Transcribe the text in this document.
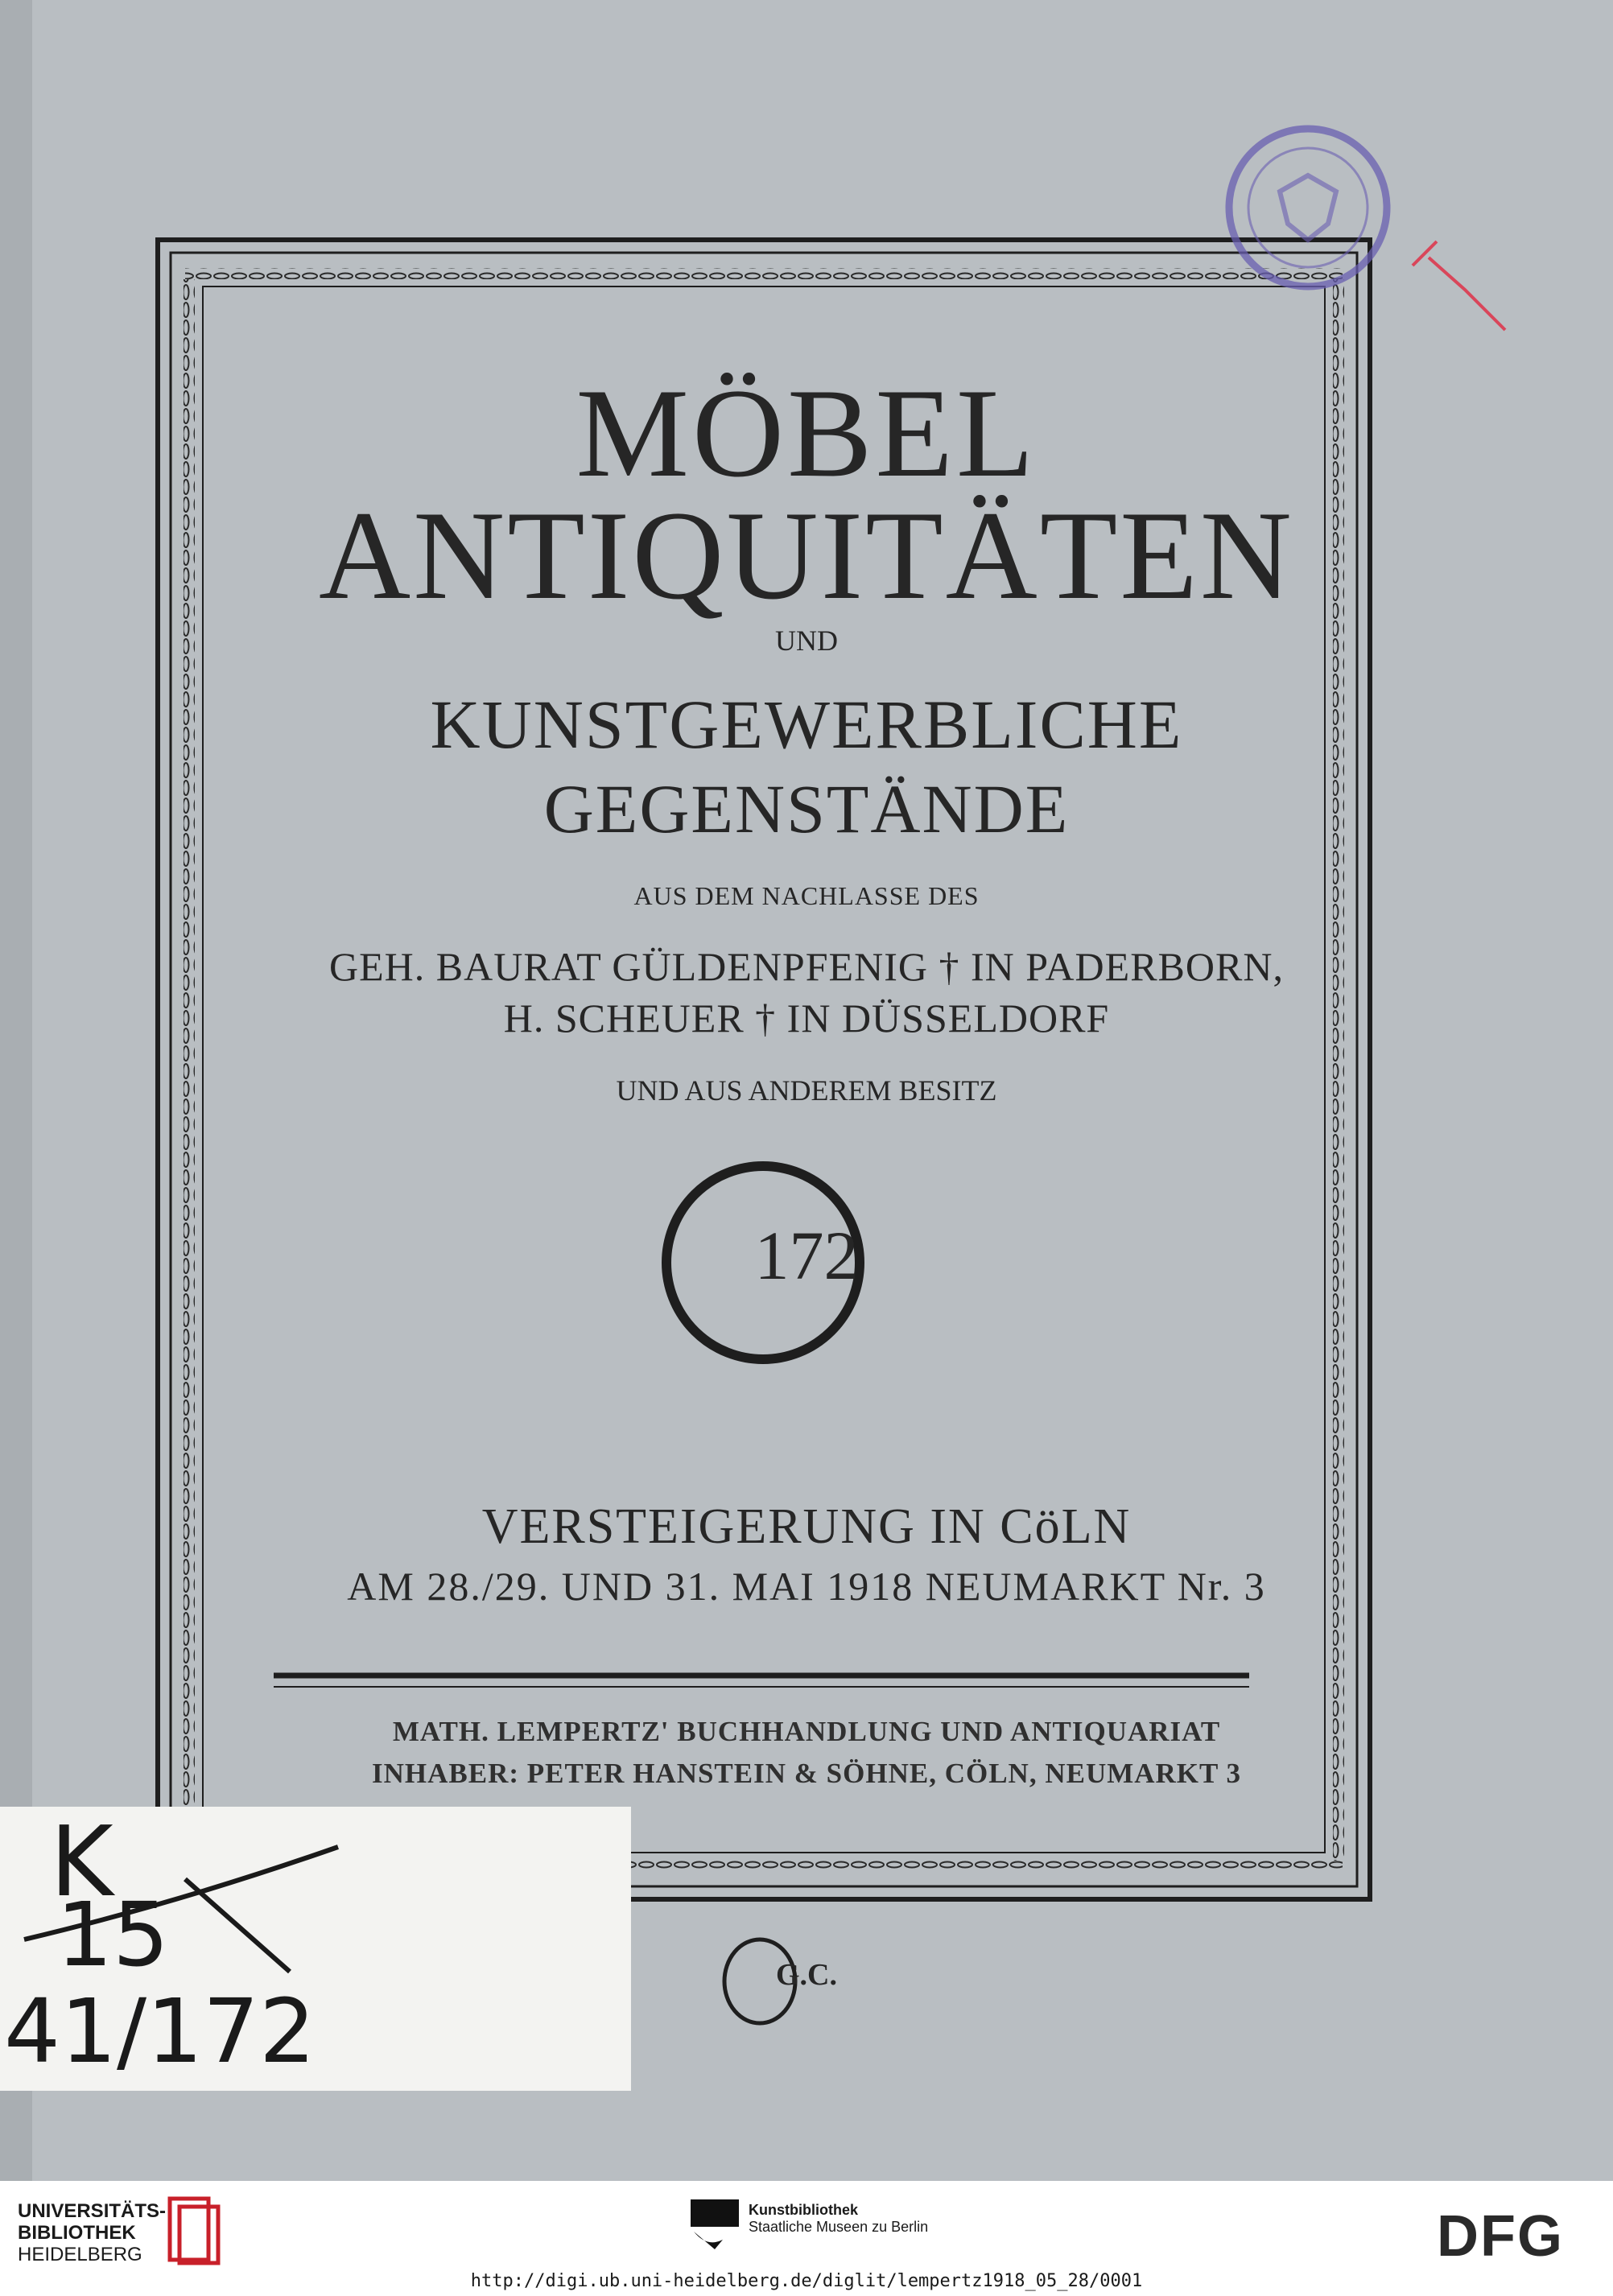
MÖBEL
ANTIQUITÄTEN
UND
KUNSTGEWERBLICHE
GEGENSTÄNDE
AUS DEM NACHLASSE DES
GEH. BAURAT GÜLDENPFENIG † IN PADERBORN,
H. SCHEUER † IN DÜSSELDORF
UND AUS ANDEREM BESITZ
172
VERSTEIGERUNG IN CöLN
AM 28./29. UND 31. MAI 1918 NEUMARKT Nr. 3
MATH. LEMPERTZ' BUCHHANDLUNG UND ANTIQUARIAT
INHABER: PETER HANSTEIN & SÖHNE, CÖLN, NEUMARKT 3
G.C.
K
15
41/172
UNIVERSITÄTS-
BIBLIOTHEK
HEIDELBERG
Kunstbibliothek
Staatliche Museen zu Berlin	DFG
http://digi.ub.uni-heidelberg.de/diglit/lempertz1918_05_28/0001
